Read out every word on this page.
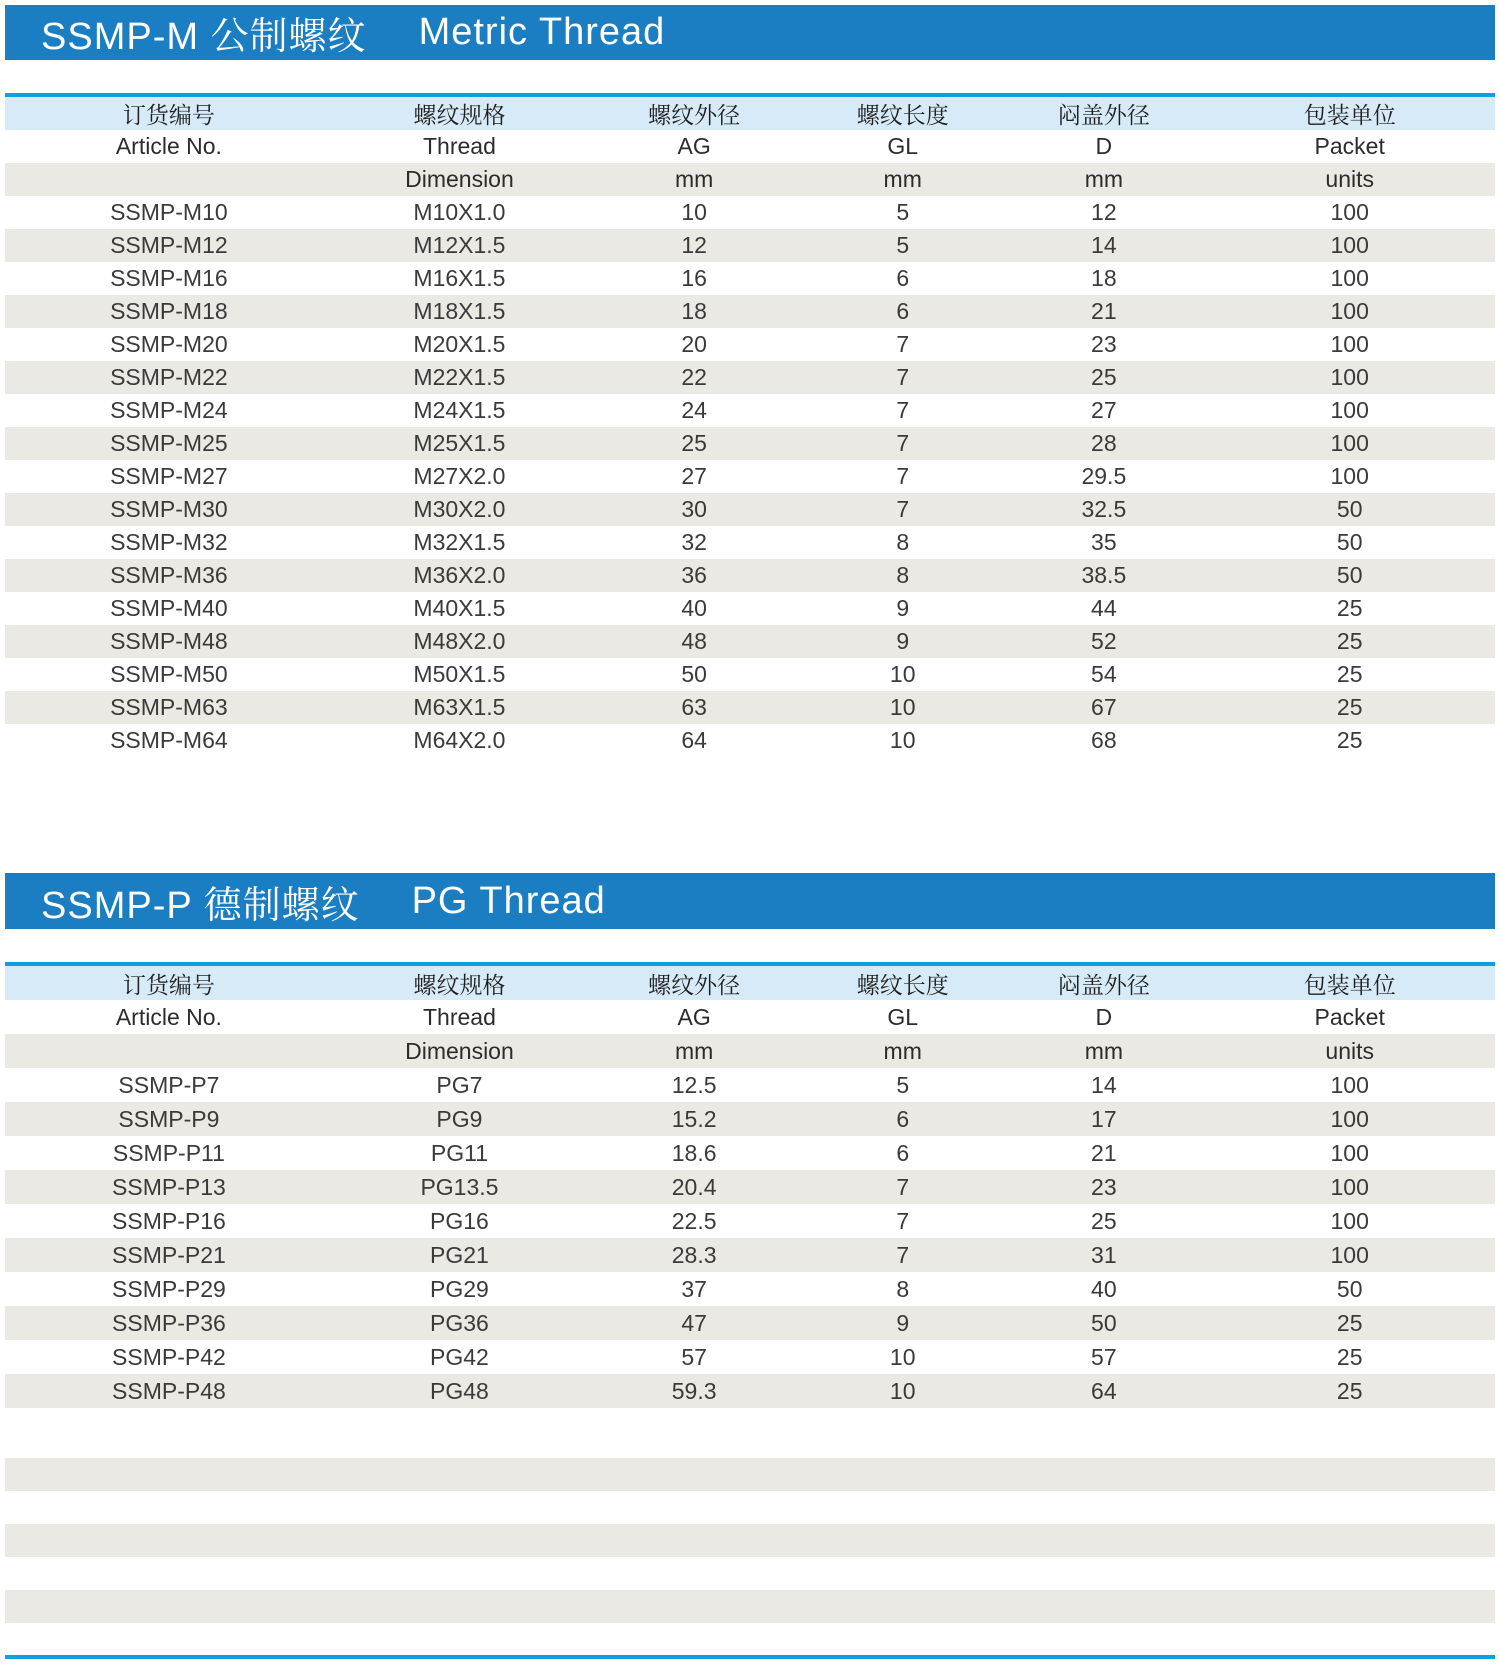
SSMP-M 公制螺纹 Metric Thread
订货编号	螺纹规格	螺纹外径	螺纹长度	闷盖外径	包装单位
Article No.	Thread	AG	GL	D	Packet
	Dimension	mm	mm	mm	units
SSMP-M10	M10X1.0	10	5	12	100
SSMP-M12	M12X1.5	12	5	14	100
SSMP-M16	M16X1.5	16	6	18	100
SSMP-M18	M18X1.5	18	6	21	100
SSMP-M20	M20X1.5	20	7	23	100
SSMP-M22	M22X1.5	22	7	25	100
SSMP-M24	M24X1.5	24	7	27	100
SSMP-M25	M25X1.5	25	7	28	100
SSMP-M27	M27X2.0	27	7	29.5	100
SSMP-M30	M30X2.0	30	7	32.5	50
SSMP-M32	M32X1.5	32	8	35	50
SSMP-M36	M36X2.0	36	8	38.5	50
SSMP-M40	M40X1.5	40	9	44	25
SSMP-M48	M48X2.0	48	9	52	25
SSMP-M50	M50X1.5	50	10	54	25
SSMP-M63	M63X1.5	63	10	67	25
SSMP-M64	M64X2.0	64	10	68	25
SSMP-P 德制螺纹 PG Thread
订货编号	螺纹规格	螺纹外径	螺纹长度	闷盖外径	包装单位
Article No.	Thread	AG	GL	D	Packet
	Dimension	mm	mm	mm	units
SSMP-P7	PG7	12.5	5	14	100
SSMP-P9	PG9	15.2	6	17	100
SSMP-P11	PG11	18.6	6	21	100
SSMP-P13	PG13.5	20.4	7	23	100
SSMP-P16	PG16	22.5	7	25	100
SSMP-P21	PG21	28.3	7	31	100
SSMP-P29	PG29	37	8	40	50
SSMP-P36	PG36	47	9	50	25
SSMP-P42	PG42	57	10	57	25
SSMP-P48	PG48	59.3	10	64	25
